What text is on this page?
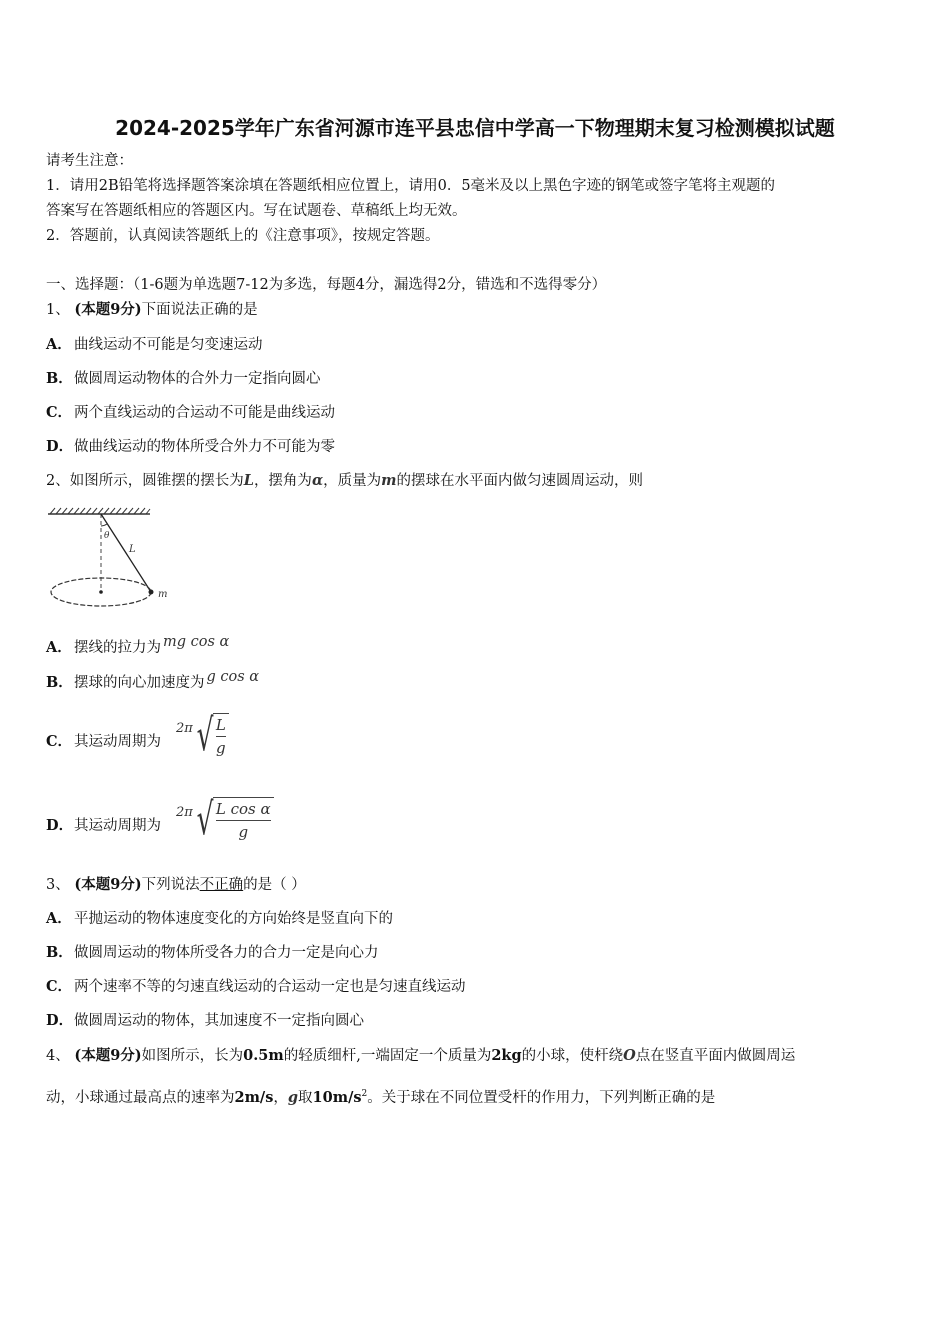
2024-2025学年广东省河源市连平县忠信中学高一下物理期末复习检测模拟试题
请考生注意：
1．请用2B铅笔将选择题答案涂填在答题纸相应位置上，请用0．5毫米及以上黑色字迹的钢笔或签字笔将主观题的
答案写在答题纸相应的答题区内。写在试题卷、草稿纸上均无效。
2．答题前，认真阅读答题纸上的《注意事项》，按规定答题。
一、选择题：（1-6题为单选题7-12为多选，每题4分，漏选得2分，错选和不选得零分）
1、 (本题9分)下面说法正确的是
A． 曲线运动不可能是匀变速运动
B．做圆周运动物体的合外力一定指向圆心
C． 两个直线运动的合运动不可能是曲线运动
D．做曲线运动的物体所受合外力不可能为零
2、如图所示，圆锥摆的摆长为L，摆角为α，质量为m的摆球在水平面内做匀速圆周运动，则
θ
L
m
A． 摆线的拉力为 mg cos α
B．摆球的向心加速度为 g cos α
C． 其运动周期为
2π √ $\frac{L}{g}$
D．其运动周期为
2π √ $\frac{\text{L cos α}}{g}$
3、 (本题9分)下列说法不正确的是（ ）
A． 平抛运动的物体速度变化的方向始终是竖直向下的
B．做圆周运动的物体所受各力的合力一定是向心力
C． 两个速率不等的匀速直线运动的合运动一定也是匀速直线运动
D．做圆周运动的物体，其加速度不一定指向圆心
4、 (本题9分)如图所示，长为0.5m的轻质细杆,一端固定一个质量为2kg的小球，使杆绕O点在竖直平面内做圆周运
动，小球通过最高点的速率为2m/s，g取$10m/s^2$。关于球在不同位置受杆的作用力，下列判断正确的是
